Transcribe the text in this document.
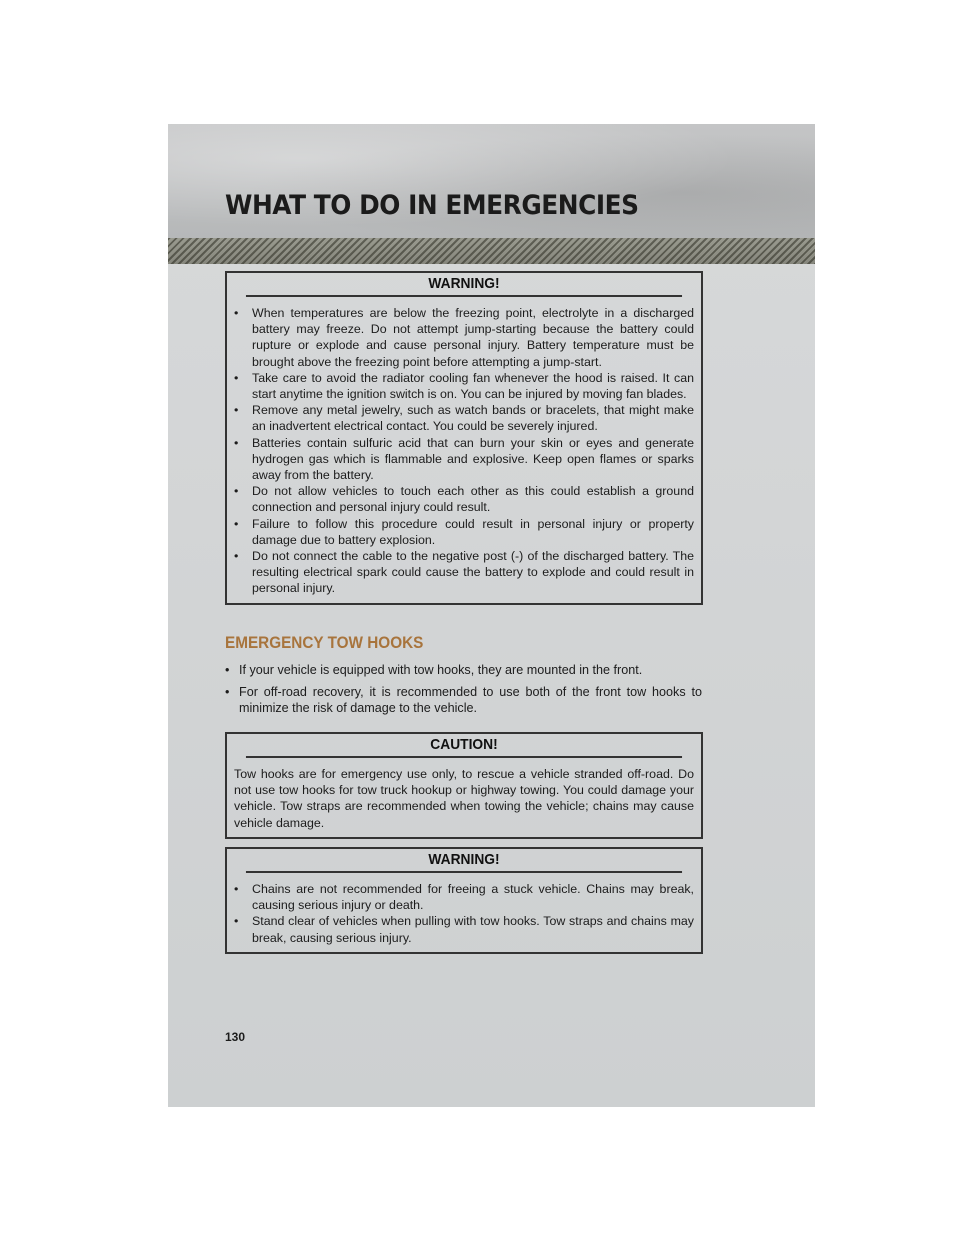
WHAT TO DO IN EMERGENCIES
WARNING!
• When temperatures are below the freezing point, electrolyte in a discharged battery may freeze. Do not attempt jump-starting because the battery could rupture or explode and cause personal injury. Battery temperature must be brought above the freezing point before attempting a jump-start.
• Take care to avoid the radiator cooling fan whenever the hood is raised. It can start anytime the ignition switch is on. You can be injured by moving fan blades.
• Remove any metal jewelry, such as watch bands or bracelets, that might make an inadvertent electrical contact. You could be severely injured.
• Batteries contain sulfuric acid that can burn your skin or eyes and generate hydrogen gas which is flammable and explosive. Keep open flames or sparks away from the battery.
• Do not allow vehicles to touch each other as this could establish a ground connection and personal injury could result.
• Failure to follow this procedure could result in personal injury or property damage due to battery explosion.
• Do not connect the cable to the negative post (-) of the discharged battery. The resulting electrical spark could cause the battery to explode and could result in personal injury.
EMERGENCY TOW HOOKS
• If your vehicle is equipped with tow hooks, they are mounted in the front.
• For off-road recovery, it is recommended to use both of the front tow hooks to minimize the risk of damage to the vehicle.
CAUTION!
Tow hooks are for emergency use only, to rescue a vehicle stranded off-road. Do not use tow hooks for tow truck hookup or highway towing. You could damage your vehicle. Tow straps are recommended when towing the vehicle; chains may cause vehicle damage.
WARNING!
• Chains are not recommended for freeing a stuck vehicle. Chains may break, causing serious injury or death.
• Stand clear of vehicles when pulling with tow hooks. Tow straps and chains may break, causing serious injury.
130
